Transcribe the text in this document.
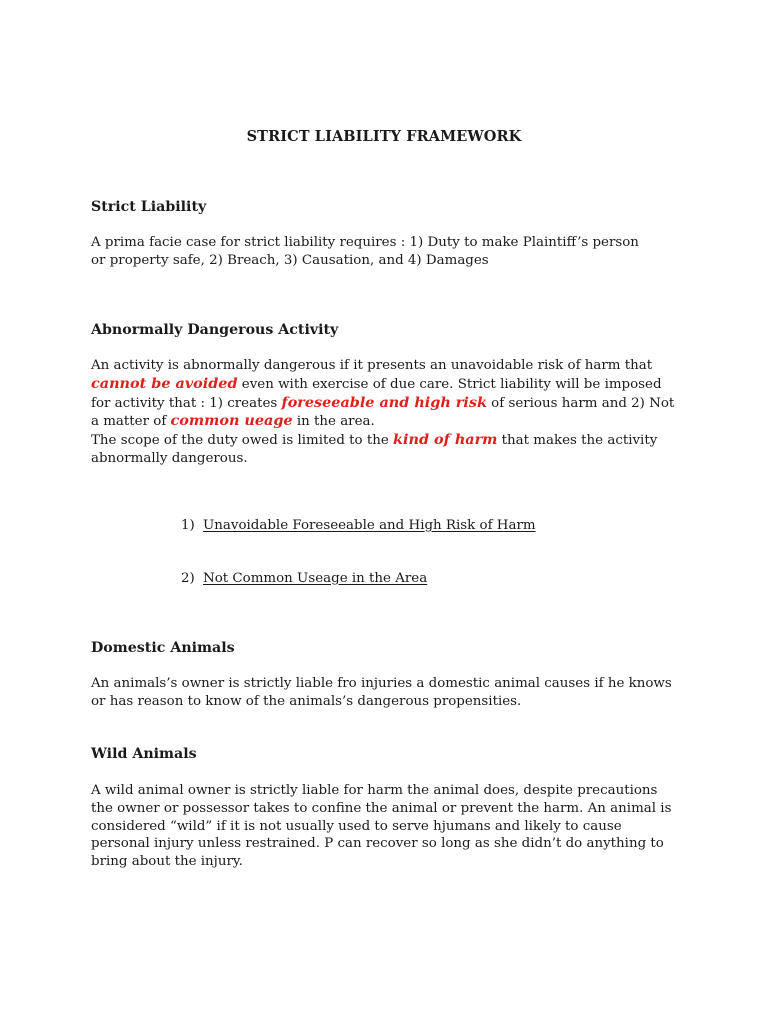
STRICT LIABILITY FRAMEWORK
Strict Liability

A prima facie case for strict liability requires : 1) Duty to make Plaintiff’s person or property safe, 2) Breach, 3) Causation, and 4) Damages

Abnormally Dangerous Activity

An activity is abnormally dangerous if it presents an unavoidable risk of harm that cannot be avoided even with exercise of due care. Strict liability will be imposed for activity that : 1) creates foreseeable and high risk of serious harm and 2) Not a matter of common ueage in the area.

The scope of the duty owed is limited to the kind of harm that makes the activity abnormally dangerous.

1) Unavoidable Foreseeable and High Risk of Harm
2) Not Common Useage in the Area
Domestic Animals

An animals’s owner is strictly liable fro injuries a domestic animal causes if he knows or has reason to know of the animals’s dangerous propensities.

Wild Animals

A wild animal owner is strictly liable for harm the animal does, despite precautions the owner or possessor takes to confine the animal or prevent the harm. An animal is considered “wild” if it is not usually used to serve hjumans and likely to cause personal injury unless restrained. P can recover so long as she didn’t do anything to bring about the injury.
